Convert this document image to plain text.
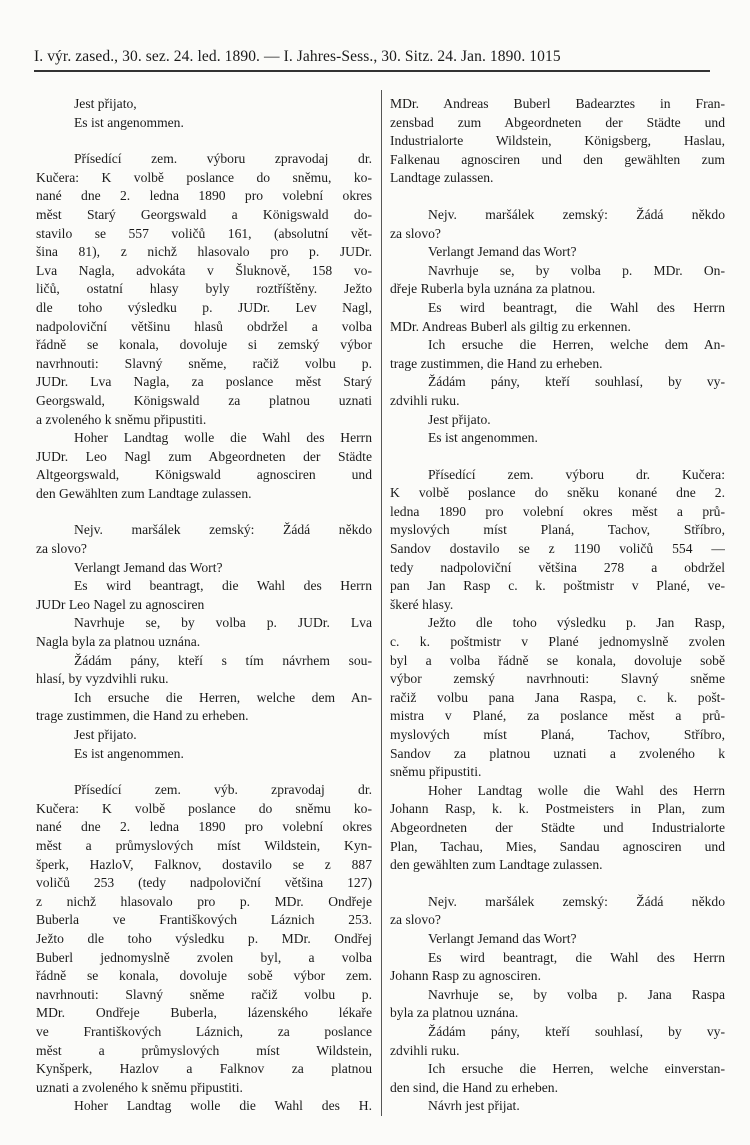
I. výr. zased., 30. sez. 24. led. 1890. — I. Jahres-Sess., 30. Sitz. 24. Jan. 1890. 1015
Jest přijato,
Es ist angenommen.
Přísedící zem. výboru zpravodaj dr.
Kučera: K volbě poslance do sněmu, ko-
nané dne 2. ledna 1890 pro volební okres
měst Starý Georgswald a Königswald do-
stavilo se 557 voličů 161, (absolutní vět-
šina 81), z nichž hlasovalo pro p. JUDr.
Lva Nagla, advokáta v Šluknově, 158 vo-
ličů, ostatní hlasy byly roztříštěny. Ježto
dle toho výsledku p. JUDr. Lev Nagl,
nadpoloviční většinu hlasů obdržel a volba
řádně se konala, dovoluje si zemský výbor
navrhnouti: Slavný sněme, račiž volbu p.
JUDr. Lva Nagla, za poslance měst Starý
Georgswald, Königswald za platnou uznati
a zvoleného k sněmu připustiti.
Hoher Landtag wolle die Wahl des Herrn
JUDr. Leo Nagl zum Abgeordneten der Städte
Altgeorgswald, Königswald agnosciren und
den Gewählten zum Landtage zulassen.
Nejv. maršálek zemský: Žádá někdo
za slovo?
Verlangt Jemand das Wort?
Es wird beantragt, die Wahl des Herrn
JUDr Leo Nagel zu agnosciren
Navrhuje se, by volba p. JUDr. Lva
Nagla byla za platnou uznána.
Žádám pány, kteří s tím návrhem sou-
hlasí, by vyzdvihli ruku.
Ich ersuche die Herren, welche dem An-
trage zustimmen, die Hand zu erheben.
Jest přijato.
Es ist angenommen.
Přísedící zem. výb. zpravodaj dr.
Kučera: K volbě poslance do sněmu ko-
nané dne 2. ledna 1890 pro volební okres
měst a průmyslových míst Wildstein, Kyn-
šperk, HazloV, Falknov, dostavilo se z 887
voličů 253 (tedy nadpoloviční většina 127)
z nichž hlasovalo pro p. MDr. Ondřeje
Buberla ve Františkových Láznich 253.
Ježto dle toho výsledku p. MDr. Ondřej
Buberl jednomyslně zvolen byl, a volba
řádně se konala, dovoluje sobě výbor zem.
navrhnouti: Slavný sněme račiž volbu p.
MDr. Ondřeje Buberla, lázenského lékaře
ve Františkových Láznich, za poslance
měst a průmyslových míst Wildstein,
Kynšperk, Hazlov a Falknov za platnou
uznati a zvoleného k sněmu připustiti.
Hoher Landtag wolle die Wahl des H.
MDr. Andreas Buberl Badearztes in Fran-
zensbad zum Abgeordneten der Städte und
Industrialorte Wildstein, Königsberg, Haslau,
Falkenau agnosciren und den gewählten zum
Landtage zulassen.
Nejv. maršálek zemský: Žádá někdo
za slovo?
Verlangt Jemand das Wort?
Navrhuje se, by volba p. MDr. On-
dřeje Ruberla byla uznána za platnou.
Es wird beantragt, die Wahl des Herrn
MDr. Andreas Buberl als giltig zu erkennen.
Ich ersuche die Herren, welche dem An-
trage zustimmen, die Hand zu erheben.
Žádám pány, kteří souhlasí, by vy-
zdvihli ruku.
Jest přijato.
Es ist angenommen.
Přísedící zem. výboru dr. Kučera:
K volbě poslance do sněku konané dne 2.
ledna 1890 pro volební okres měst a prů-
myslových míst Planá, Tachov, Stříbro,
Sandov dostavilo se z 1190 voličů 554 —
tedy nadpoloviční většina 278 a obdržel
pan Jan Rasp c. k. poštmistr v Plané, ve-
škeré hlasy.
Ježto dle toho výsledku p. Jan Rasp,
c. k. poštmistr v Plané jednomyslně zvolen
byl a volba řádně se konala, dovoluje sobě
výbor zemský navrhnouti: Slavný sněme
račiž volbu pana Jana Raspa, c. k. pošt-
mistra v Plané, za poslance měst a prů-
myslových míst Planá, Tachov, Stříbro,
Sandov za platnou uznati a zvoleného k
sněmu připustiti.
Hoher Landtag wolle die Wahl des Herrn
Johann Rasp, k. k. Postmeisters in Plan, zum
Abgeordneten der Städte und Industrialorte
Plan, Tachau, Mies, Sandau agnosciren und
den gewählten zum Landtage zulassen.
Nejv. maršálek zemský: Žádá někdo
za slovo?
Verlangt Jemand das Wort?
Es wird beantragt, die Wahl des Herrn
Johann Rasp zu agnosciren.
Navrhuje se, by volba p. Jana Raspa
byla za platnou uznána.
Žádám pány, kteří souhlasí, by vy-
zdvihli ruku.
Ich ersuche die Herren, welche einverstan-
den sind, die Hand zu erheben.
Návrh jest přijat.
